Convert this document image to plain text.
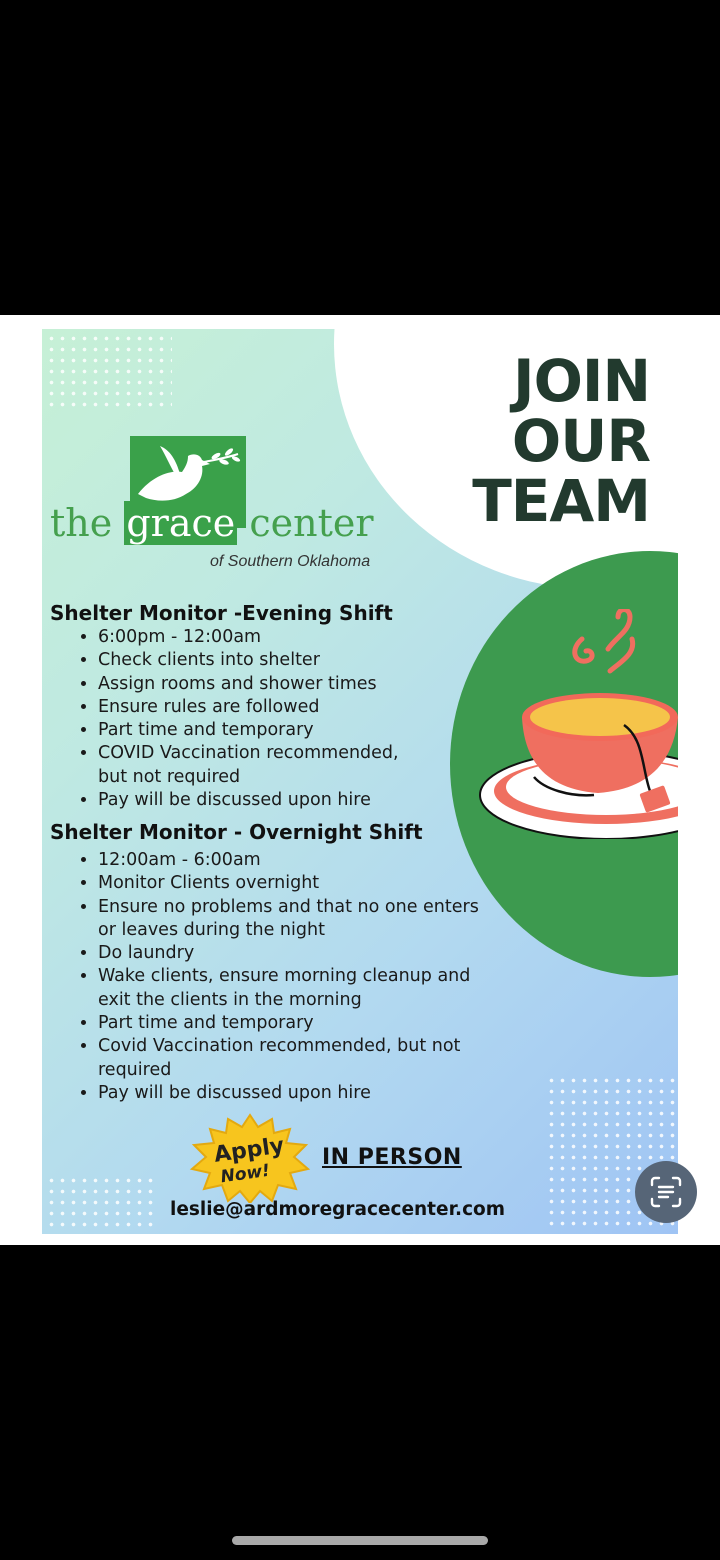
JOIN
OUR
TEAM
the grace center
of Southern Oklahoma
Shelter Monitor -Evening Shift
• 6:00pm - 12:00am
• Check clients into shelter
• Assign rooms and shower times
• Ensure rules are followed
• Part time and temporary
• COVID Vaccination recommended, but not required
• Pay will be discussed upon hire
Shelter Monitor - Overnight Shift
• 12:00am - 6:00am
• Monitor Clients overnight
• Ensure no problems and that no one enters or leaves during the night
• Do laundry
• Wake clients, ensure morning cleanup and exit the clients in the morning
• Part time and temporary
• Covid Vaccination recommended, but not required
• Pay will be discussed upon hire
Apply
Now!
IN PERSON
leslie@ardmoregracecenter.com
